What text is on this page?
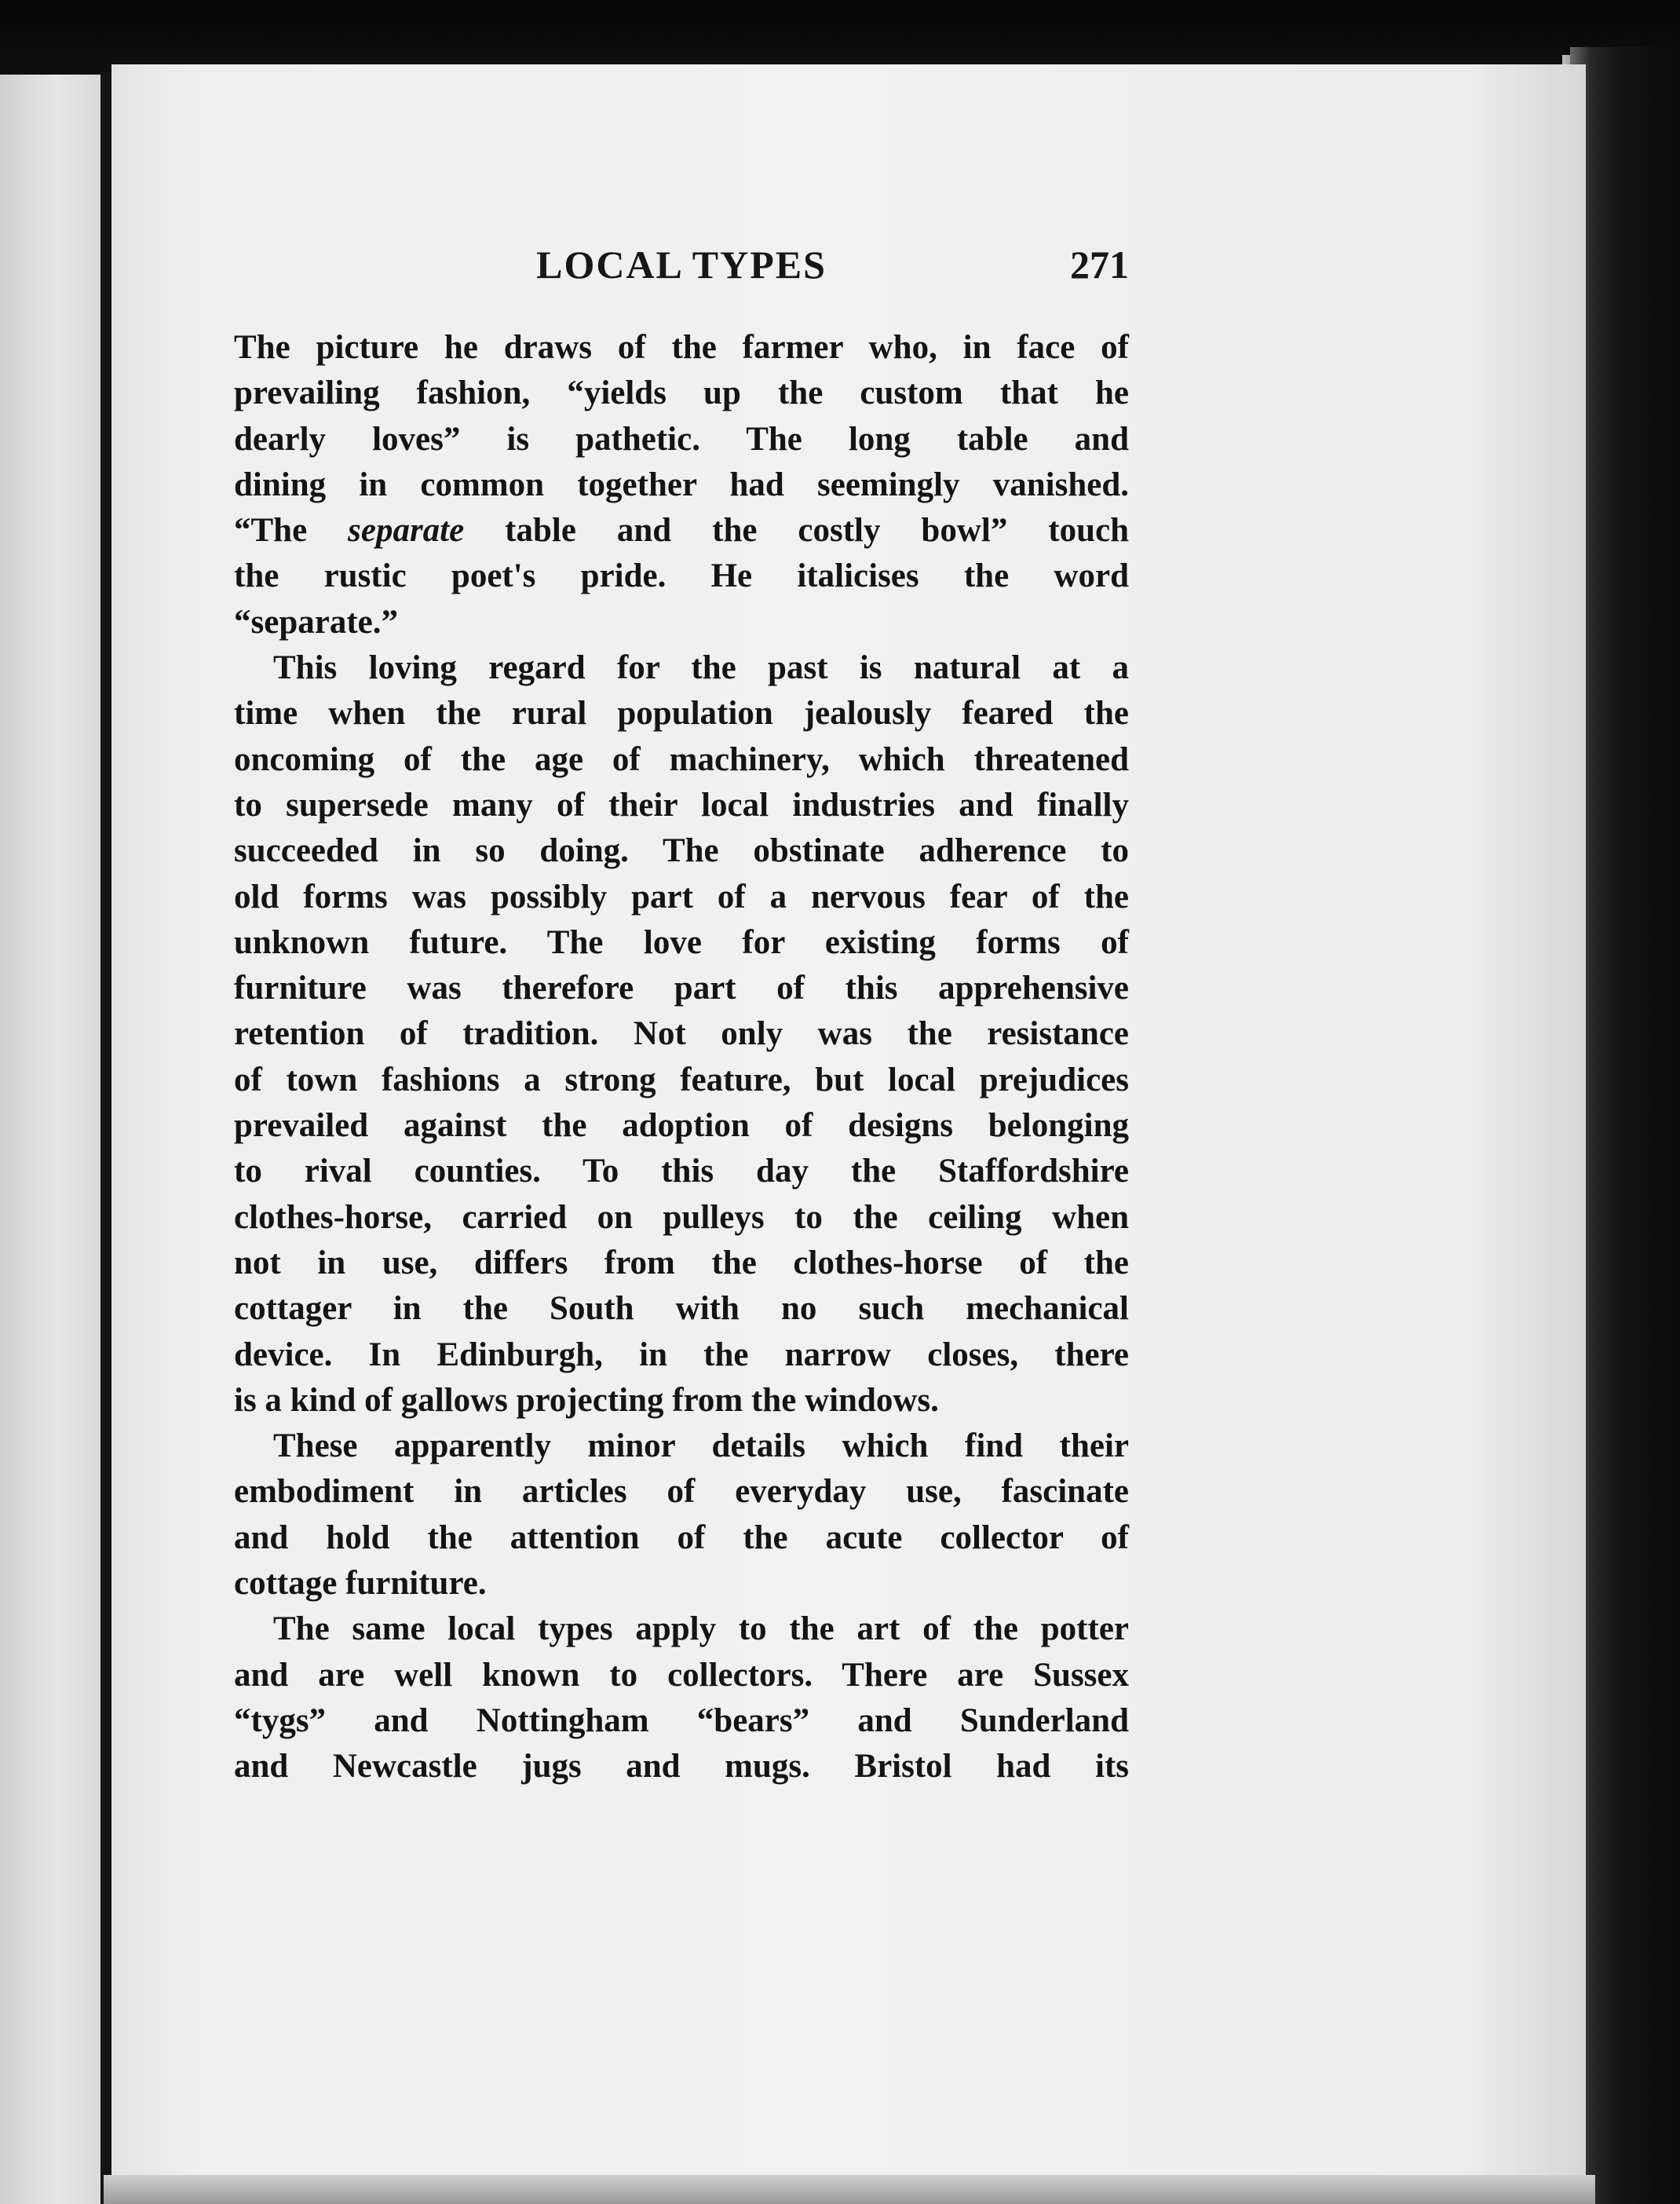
LOCAL TYPES	271
The picture he draws of the farmer who, in face of
prevailing fashion, “yields up the custom that he
dearly loves” is pathetic. The long table and
dining in common together had seemingly vanished.
“The separate table and the costly bowl” touch
the rustic poet's pride. He italicises the word
“separate.”
This loving regard for the past is natural at a
time when the rural population jealously feared the
oncoming of the age of machinery, which threatened
to supersede many of their local industries and finally
succeeded in so doing. The obstinate adherence to
old forms was possibly part of a nervous fear of the
unknown future. The love for existing forms of
furniture was therefore part of this apprehensive
retention of tradition. Not only was the resistance
of town fashions a strong feature, but local prejudices
prevailed against the adoption of designs belonging
to rival counties. To this day the Staffordshire
clothes-horse, carried on pulleys to the ceiling when
not in use, differs from the clothes-horse of the
cottager in the South with no such mechanical
device. In Edinburgh, in the narrow closes, there
is a kind of gallows projecting from the windows.
These apparently minor details which find their
embodiment in articles of everyday use, fascinate
and hold the attention of the acute collector of
cottage furniture.
The same local types apply to the art of the potter
and are well known to collectors. There are Sussex
“tygs” and Nottingham “bears” and Sunderland
and Newcastle jugs and mugs. Bristol had its
